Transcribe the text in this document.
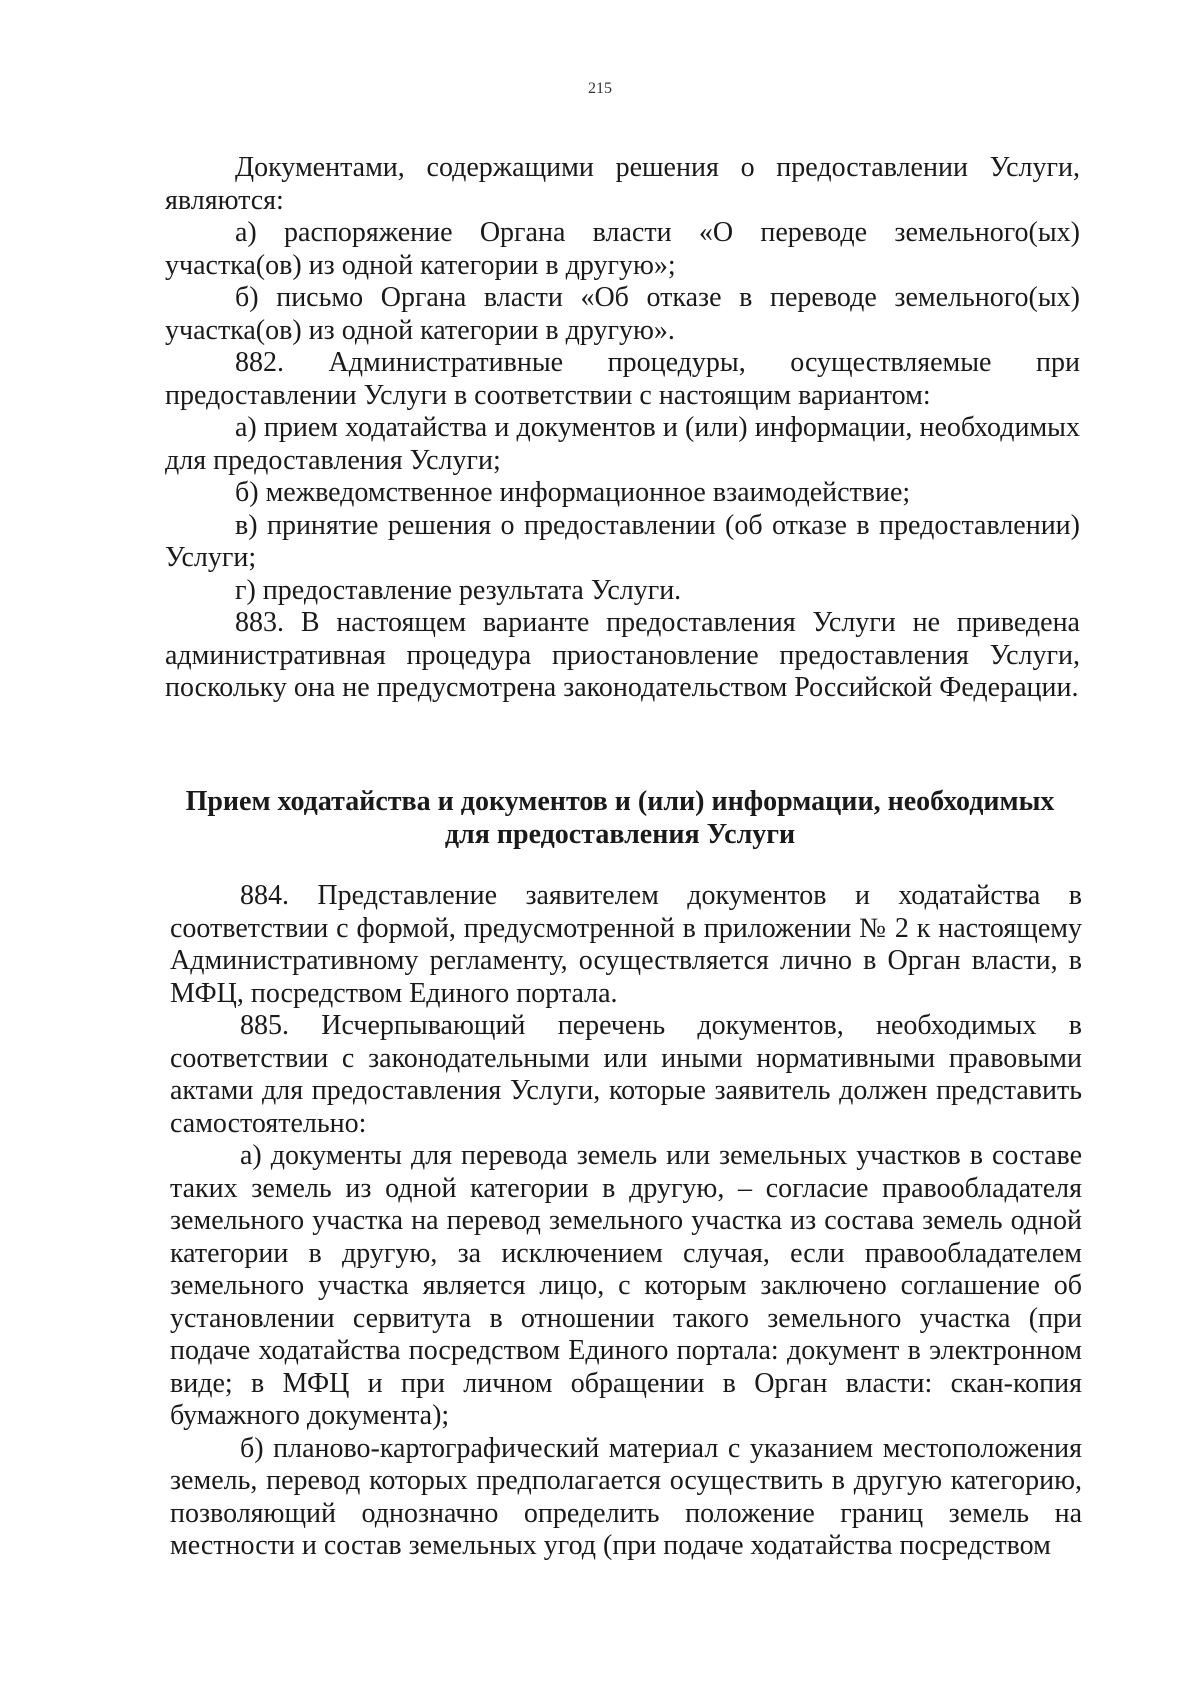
215

Документами, содержащими решения о предоставлении Услуги, являются:

а) распоряжение Органа власти «О переводе земельного(ых) участка(ов) из одной категории в другую»;

б) письмо Органа власти «Об отказе в переводе земельного(ых) участка(ов) из одной категории в другую».

882. Административные процедуры, осуществляемые при предоставлении Услуги в соответствии с настоящим вариантом:

а) прием ходатайства и документов и (или) информации, необходимых для предоставления Услуги;

б) межведомственное информационное взаимодействие;

в) принятие решения о предоставлении (об отказе в предоставлении) Услуги;

г) предоставление результата Услуги.

883. В настоящем варианте предоставления Услуги не приведена административная процедура приостановление предоставления Услуги, поскольку она не предусмотрена законодательством Российской Федерации.

Прием ходатайства и документов и (или) информации, необходимых для предоставления Услуги

884. Представление заявителем документов и ходатайства в соответствии с формой, предусмотренной в приложении № 2 к настоящему Административному регламенту, осуществляется лично в Орган власти, в МФЦ, посредством Единого портала.

885. Исчерпывающий перечень документов, необходимых в соответствии с законодательными или иными нормативными правовыми актами для предоставления Услуги, которые заявитель должен представить самостоятельно:

а) документы для перевода земель или земельных участков в составе таких земель из одной категории в другую, – согласие правообладателя земельного участка на перевод земельного участка из состава земель одной категории в другую, за исключением случая, если правообладателем земельного участка является лицо, с которым заключено соглашение об установлении сервитута в отношении такого земельного участка (при подаче ходатайства посредством Единого портала: документ в электронном виде; в МФЦ и при личном обращении в Орган власти: скан-копия бумажного документа);

б) планово-картографический материал с указанием местоположения земель, перевод которых предполагается осуществить в другую категорию, позволяющий однозначно определить положение границ земель на местности и состав земельных угод (при подаче ходатайства посредством
